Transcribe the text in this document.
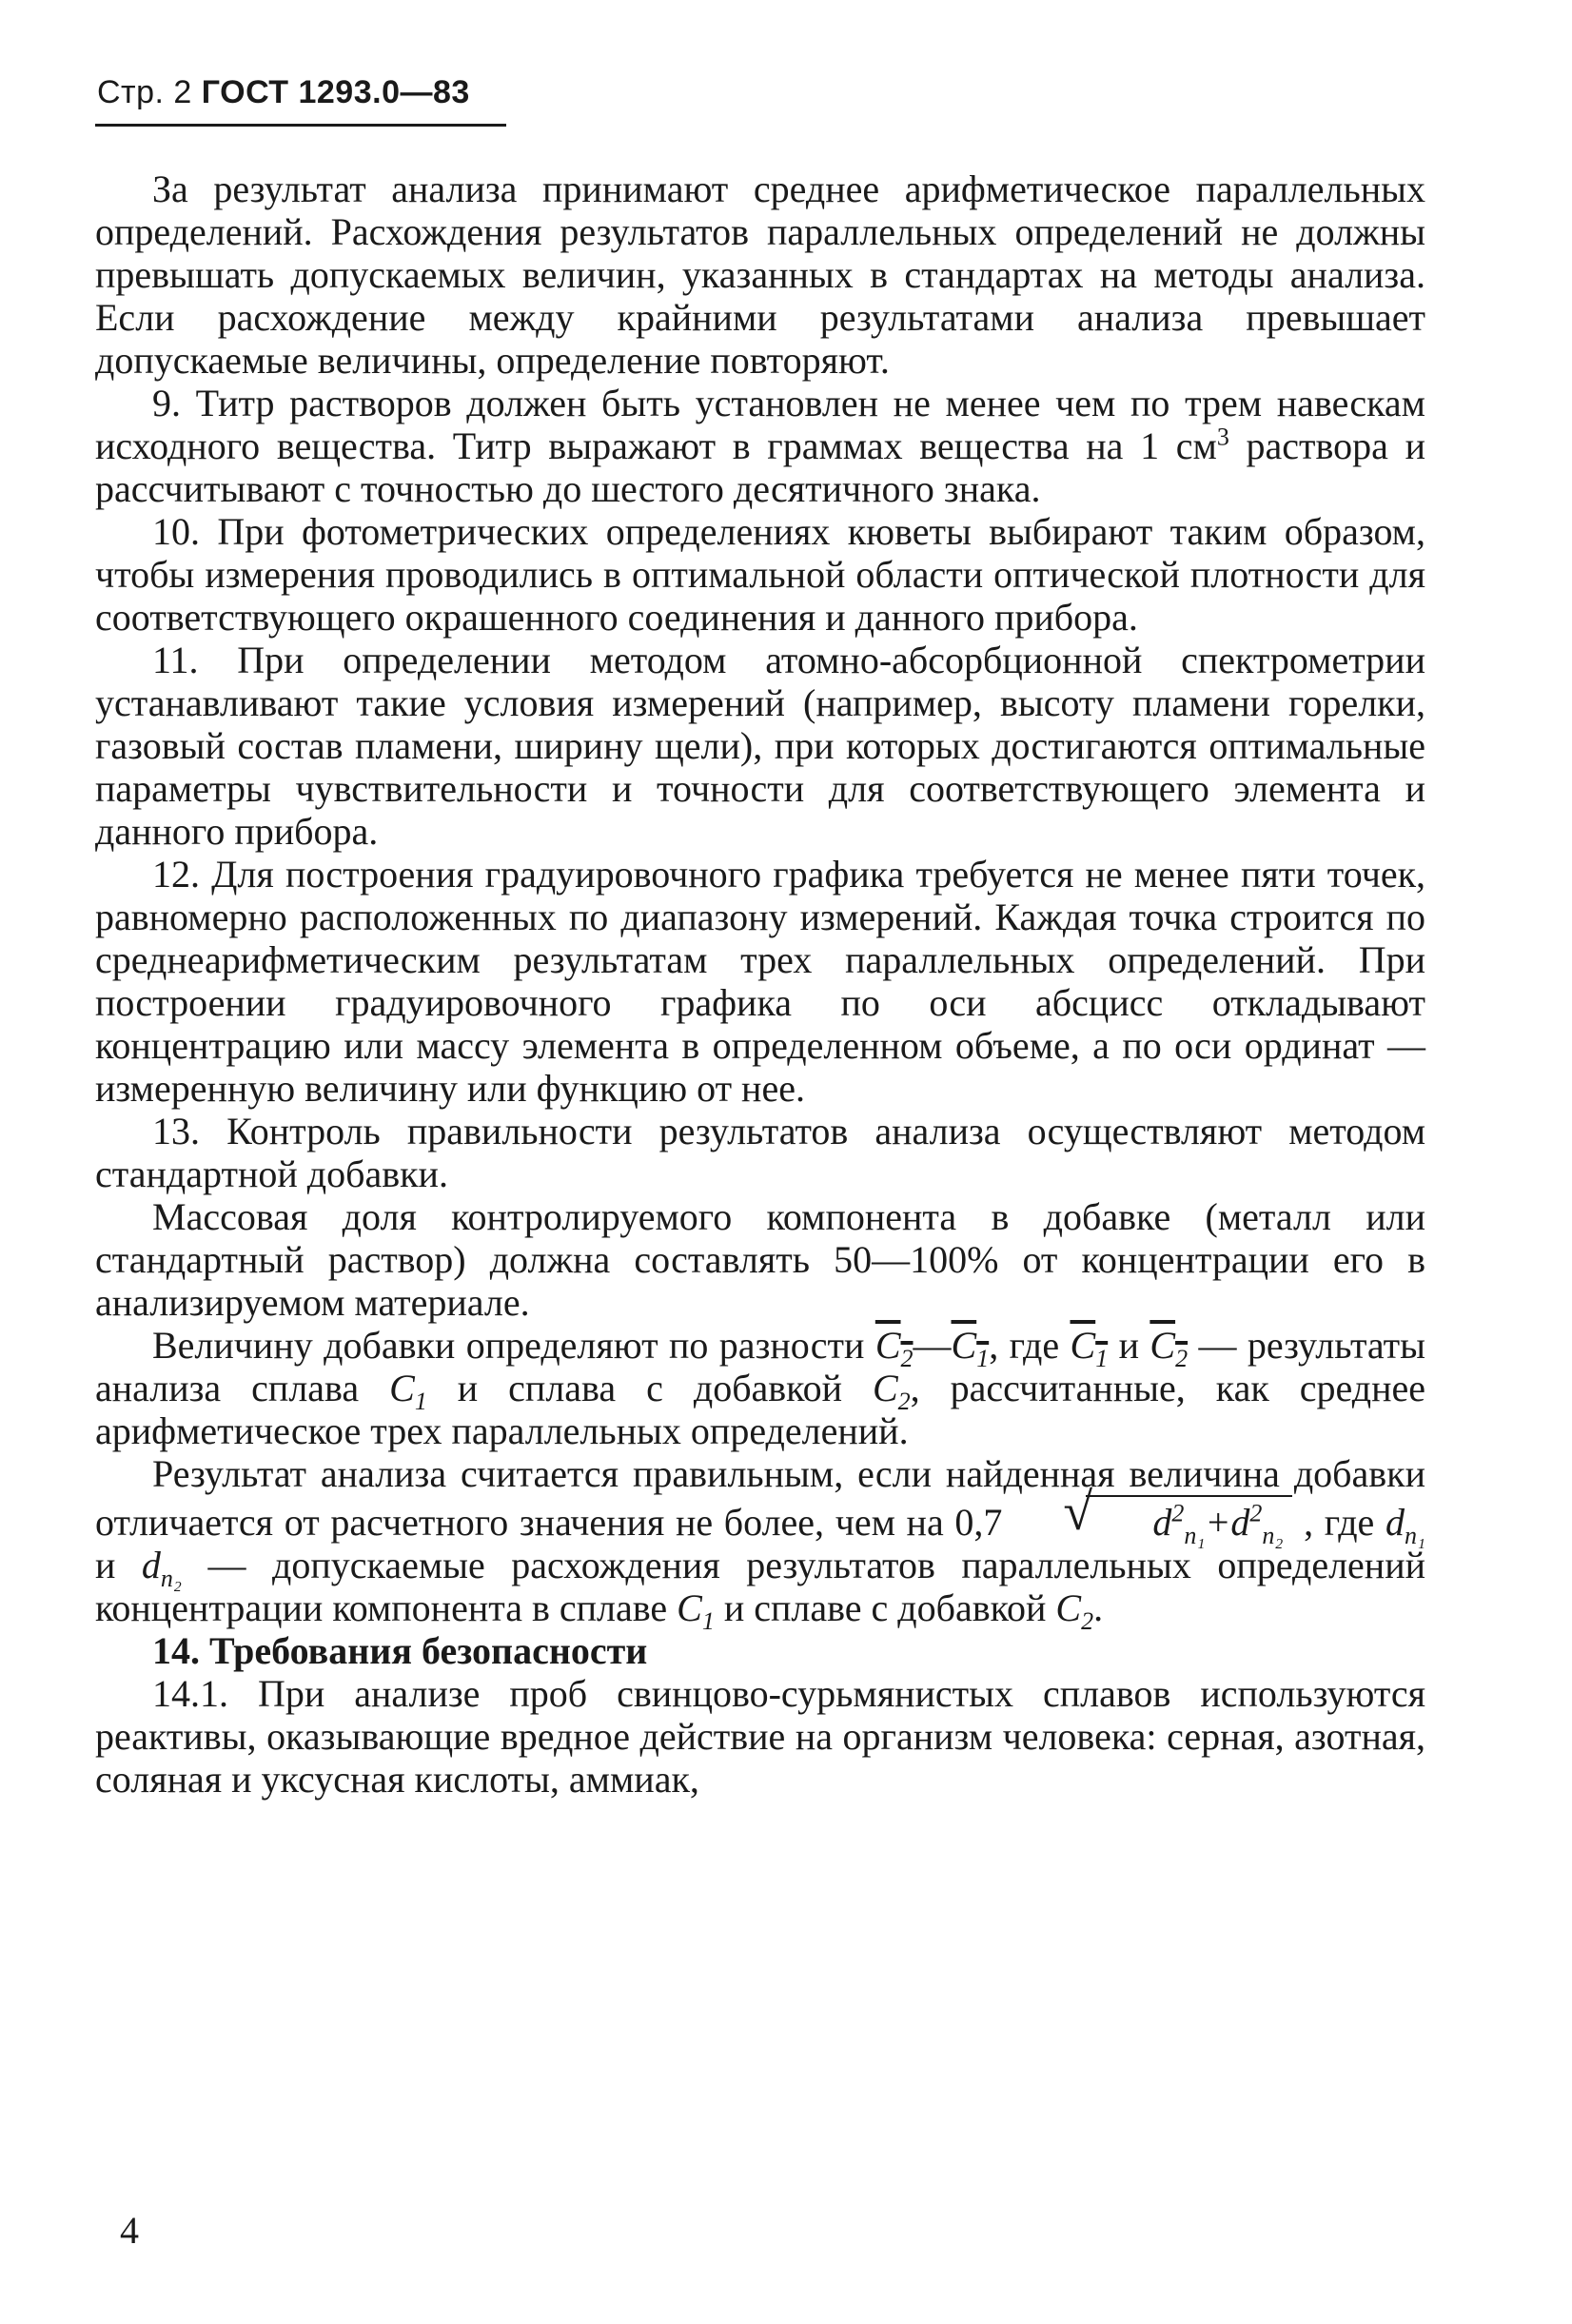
Стр. 2 ГОСТ 1293.0—83

За результат анализа принимают среднее арифметическое параллельных определений. Расхождения результатов параллельных определений не должны превышать допускаемых величин, указанных в стандартах на методы анализа. Если расхождение между крайними результатами анализа превышает допускаемые величины, определение повторяют.

9. Титр растворов должен быть установлен не менее чем по трем навескам исходного вещества. Титр выражают в граммах вещества на 1 $см^3$ раствора и рассчитывают с точностью до шестого десятичного знака.

10. При фотометрических определениях кюветы выбирают таким образом, чтобы измерения проводились в оптимальной области оптической плотности для соответствующего окрашенного соединения и данного прибора.

11. При определении методом атомно-абсорбционной спектрометрии устанавливают такие условия измерений (например, высоту пламени горелки, газовый состав пламени, ширину щели), при которых достигаются оптимальные параметры чувствительности и точности для соответствующего элемента и данного прибора.

12. Для построения градуировочного графика требуется не менее пяти точек, равномерно расположенных по диапазону измерений. Каждая точка строится по среднеарифметическим результатам трех параллельных определений. При построении градуировочного графика по оси абсцисс откладывают концентрацию или массу элемента в определенном объеме, а по оси ординат — измеренную величину или функцию от нее.

13. Контроль правильности результатов анализа осуществляют методом стандартной добавки.

Массовая доля контролируемого компонента в добавке (металл или стандартный раствор) должна составлять 50—100% от концентрации его в анализируемом материале.

Величину добавки определяют по разности $C_2—C_1$, где $C_1$ и $C_2$ — результаты анализа сплава $C_1$ и сплава с добавкой $C_2$, рассчитанные, как среднее арифметическое трех параллельных определений.

Результат анализа считается правильным, если найденная величина добавки отличается от расчетного значения не более, чем на 0,7	√ $d^2_{n_1}+d^2_{n_2}$ , где $d_{n_1}$ и $d_{n_2}$ — допускаемые расхождения результатов параллельных определений концентрации компонента в сплаве $C_1$ и сплаве с добавкой $C_2$.

14. Требования безопасности

14.1. При анализе проб свинцово-сурьмянистых сплавов используются реактивы, оказывающие вредное действие на организм человека: серная, азотная, соляная и уксусная кислоты, аммиак,

4
